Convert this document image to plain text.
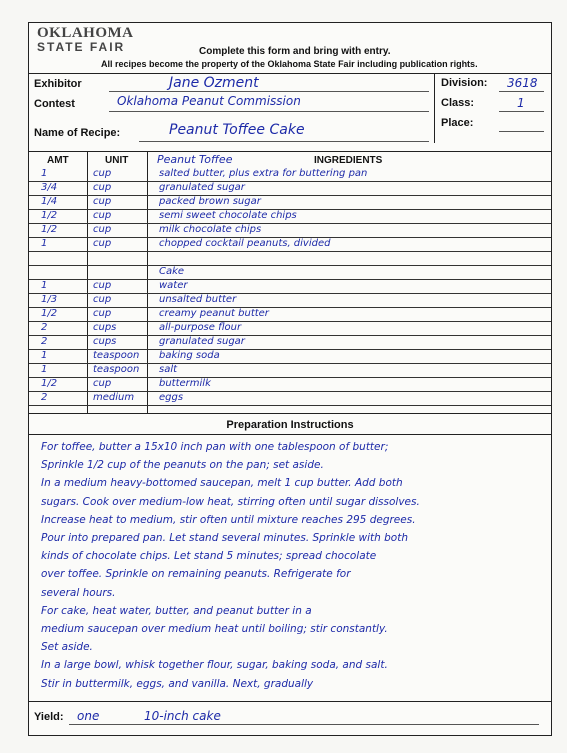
OKLAHOMA
STATE FAIR	Complete this form and bring with entry.
All recipes become the property of the Oklahoma State Fair including publication rights.
Exhibitor	Jane Ozment
Contest	Oklahoma Peanut Commission
Division: 3618
Class:	1
Place:
Name of Recipe:	Peanut Toffee Cake
AMT	UNIT	INGREDIENTS
Peanut Toffee
1	cup	salted butter, plus extra for buttering pan
3/4	cup	granulated sugar
1/4	cup	packed brown sugar
1/2	cup	semi sweet chocolate chips
1/2	cup	milk chocolate chips
1	cup	chopped cocktail peanuts, divided
Cake
1	cup	water
1/3	cup	unsalted butter
1/2	cup	creamy peanut butter
2	cups	all-purpose flour
2	cups	granulated sugar
1	teaspoon	baking soda
1	teaspoon	salt
1/2	cup	buttermilk
2	medium	eggs
Preparation Instructions
For toffee, butter a 15x10 inch pan with one tablespoon of butter;
Sprinkle 1/2 cup of the peanuts on the pan; set aside.
In a medium heavy-bottomed saucepan, melt 1 cup butter. Add both
sugars. Cook over medium-low heat, stirring often until sugar dissolves.
Increase heat to medium, stir often until mixture reaches 295 degrees.
Pour into prepared pan. Let stand several minutes. Sprinkle with both
kinds of chocolate chips. Let stand 5 minutes; spread chocolate
over toffee. Sprinkle on remaining peanuts. Refrigerate for
several hours.
For cake, heat water, butter, and peanut butter in a
medium saucepan over medium heat until boiling; stir constantly.
Set aside.
In a large bowl, whisk together flour, sugar, baking soda, and salt.
Stir in buttermilk, eggs, and vanilla. Next, gradually
Yield: one	10-inch cake
